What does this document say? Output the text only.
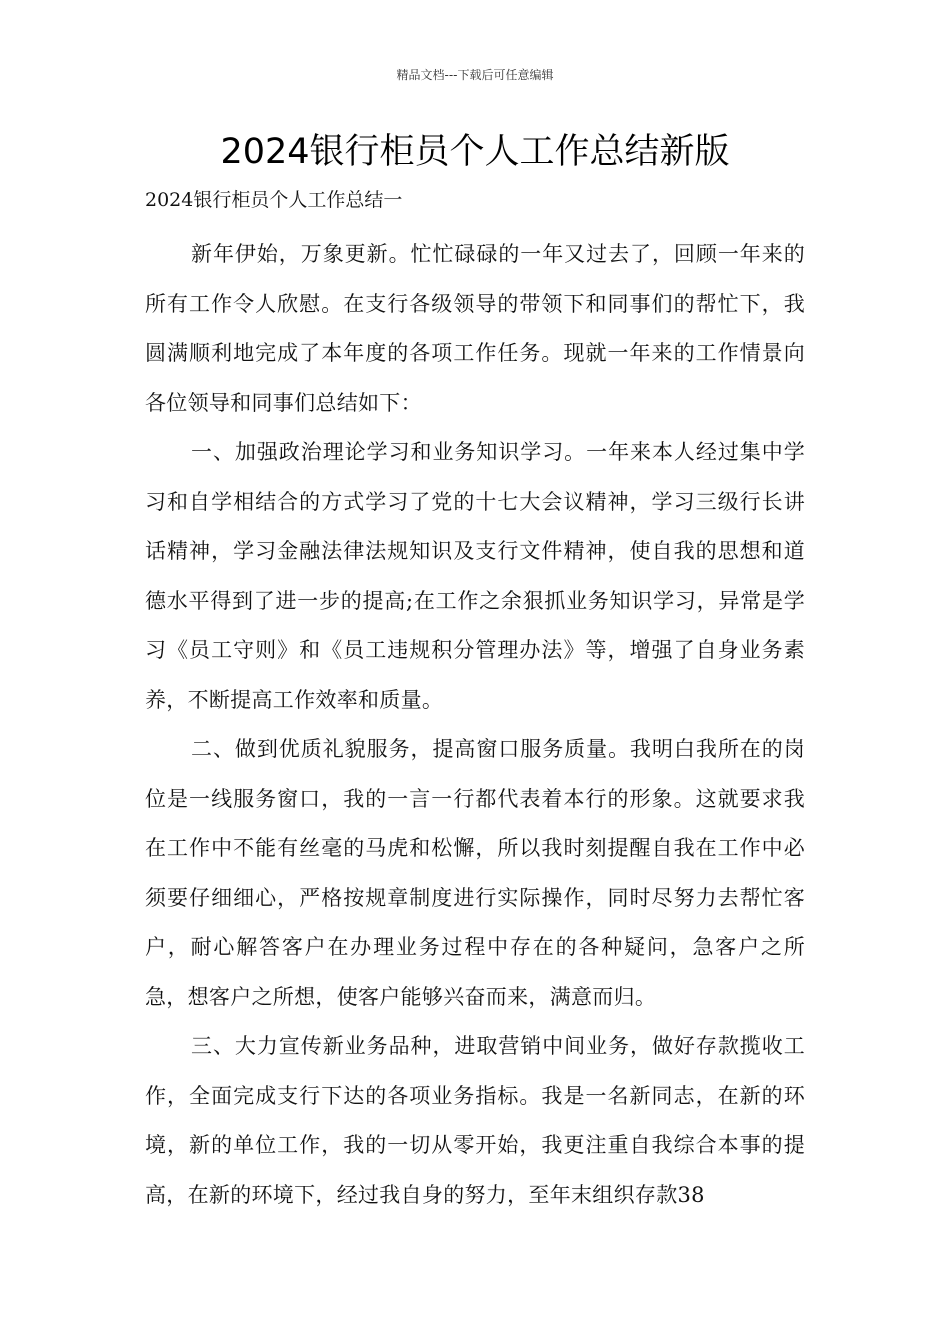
精品文档---下载后可任意编辑
2024银行柜员个人工作总结新版
2024银行柜员个人工作总结一

新年伊始，万象更新。忙忙碌碌的一年又过去了，回顾一年来的所有工作令人欣慰。在支行各级领导的带领下和同事们的帮忙下，我圆满顺利地完成了本年度的各项工作任务。现就一年来的工作情景向各位领导和同事们总结如下：

一、加强政治理论学习和业务知识学习。一年来本人经过集中学习和自学相结合的方式学习了党的十七大会议精神，学习三级行长讲话精神，学习金融法律法规知识及支行文件精神，使自我的思想和道德水平得到了进一步的提高;在工作之余狠抓业务知识学习，异常是学习《员工守则》和《员工违规积分管理办法》等，增强了自身业务素养，不断提高工作效率和质量。

二、做到优质礼貌服务，提高窗口服务质量。我明白我所在的岗位是一线服务窗口，我的一言一行都代表着本行的形象。这就要求我在工作中不能有丝毫的马虎和松懈，所以我时刻提醒自我在工作中必须要仔细细心，严格按规章制度进行实际操作，同时尽努力去帮忙客户，耐心解答客户在办理业务过程中存在的各种疑问，急客户之所急，想客户之所想，使客户能够兴奋而来，满意而归。

三、大力宣传新业务品种，进取营销中间业务，做好存款揽收工作，全面完成支行下达的各项业务指标。我是一名新同志，在新的环境，新的单位工作，我的一切从零开始，我更注重自我综合本事的提高，在新的环境下，经过我自身的努力，至年末组织存款38
